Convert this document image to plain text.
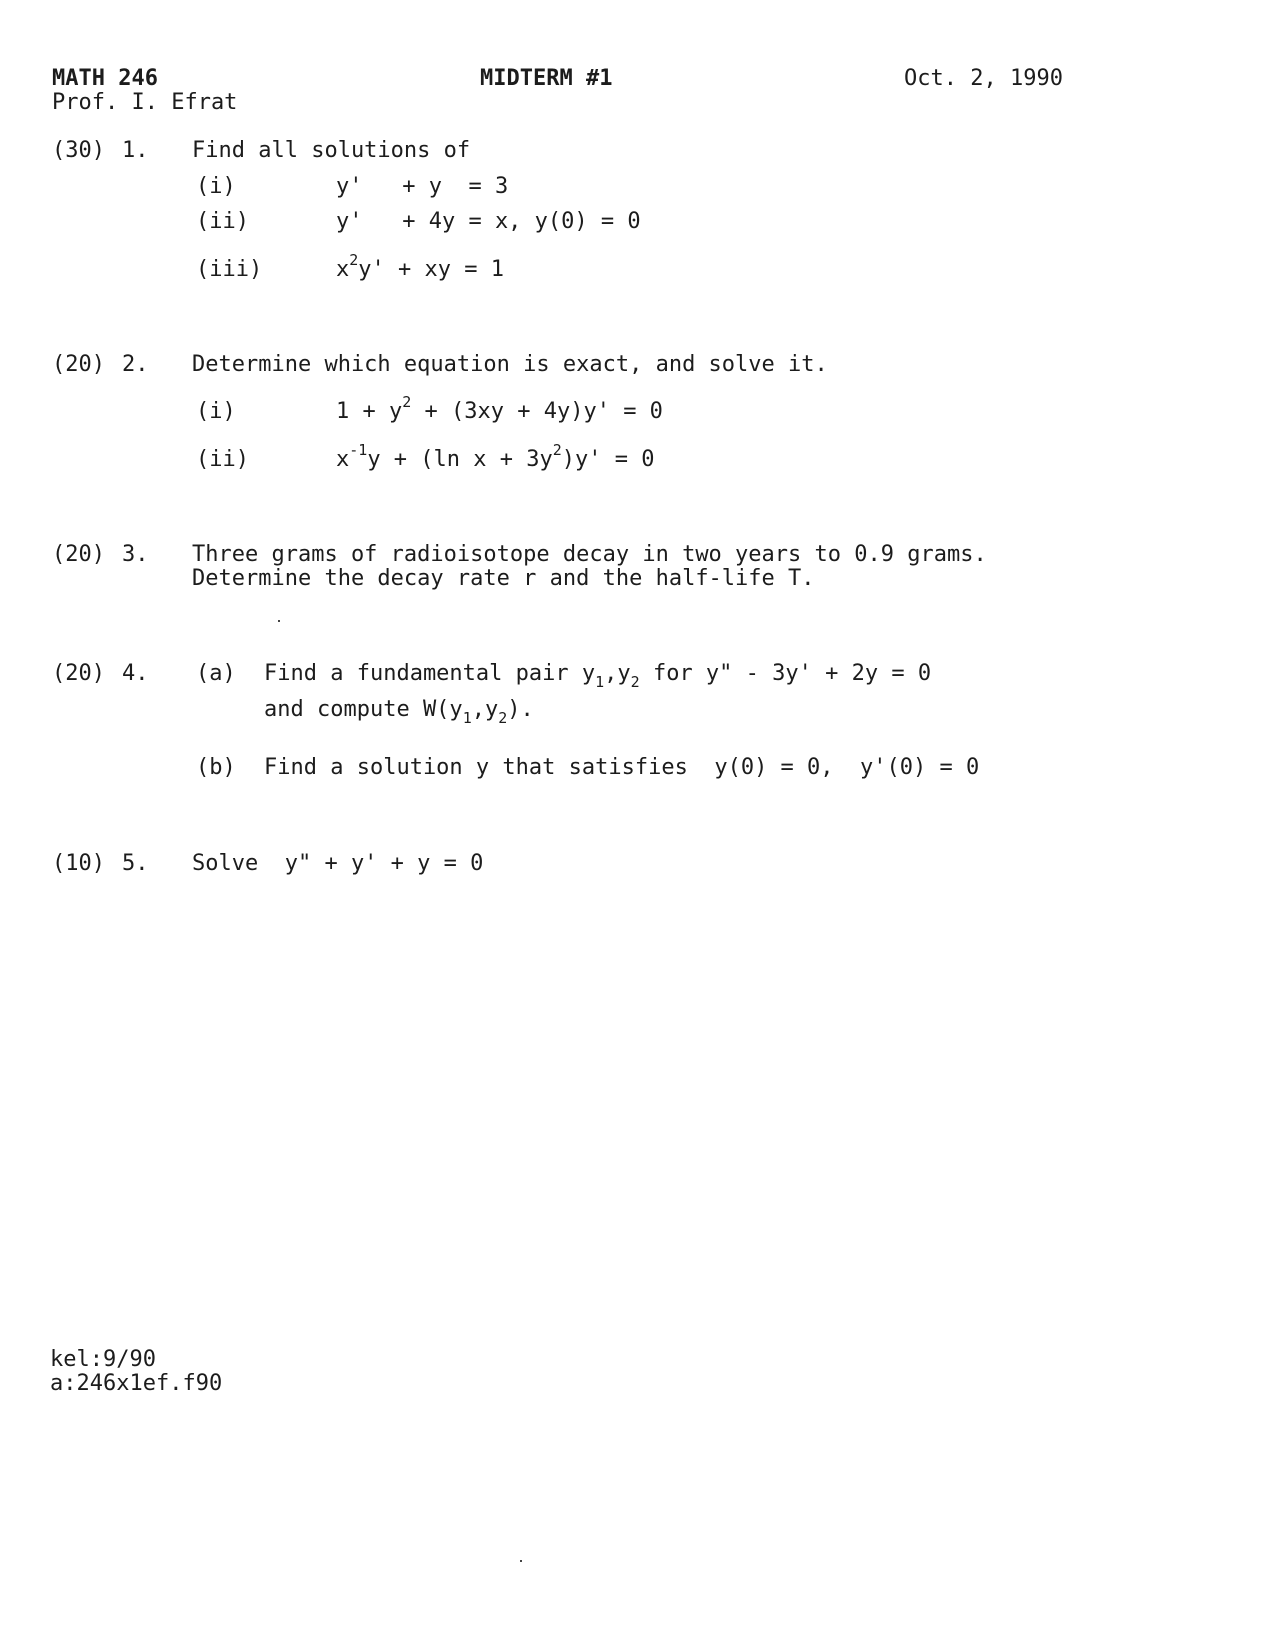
MATH 246	MIDTERM #1	Oct. 2, 1990
Prof. I. Efrat
(30) 1. Find all solutions of
(i)	y'   + y  = 3
(ii)	y'   + 4y = x, y(0) = 0
(iii)	$x^2y'$ + xy = 1
(20) 2. Determine which equation is exact, and solve it.
(i)	$1 + y^2 + (3xy + 4y)y' = 0$
(ii)	$x^{-1}y + (\ln$ $x + 3y^2)y' = 0$
(20) 3. Three grams of radioisotope decay in two years to 0.9 grams.
Determine the decay rate r and the half-life T.
(20) 4. (a) Find a fundamental pair $y_1,y_2$ for y" - 3y' + 2y = 0
and compute $W(y_1,y_2)$.
(b) Find a solution y that satisfies  y(0) = 0,  y'(0) = 0
(10) 5. Solve  y" + y' + y = 0
kel:9/90
a:246x1ef.f90
